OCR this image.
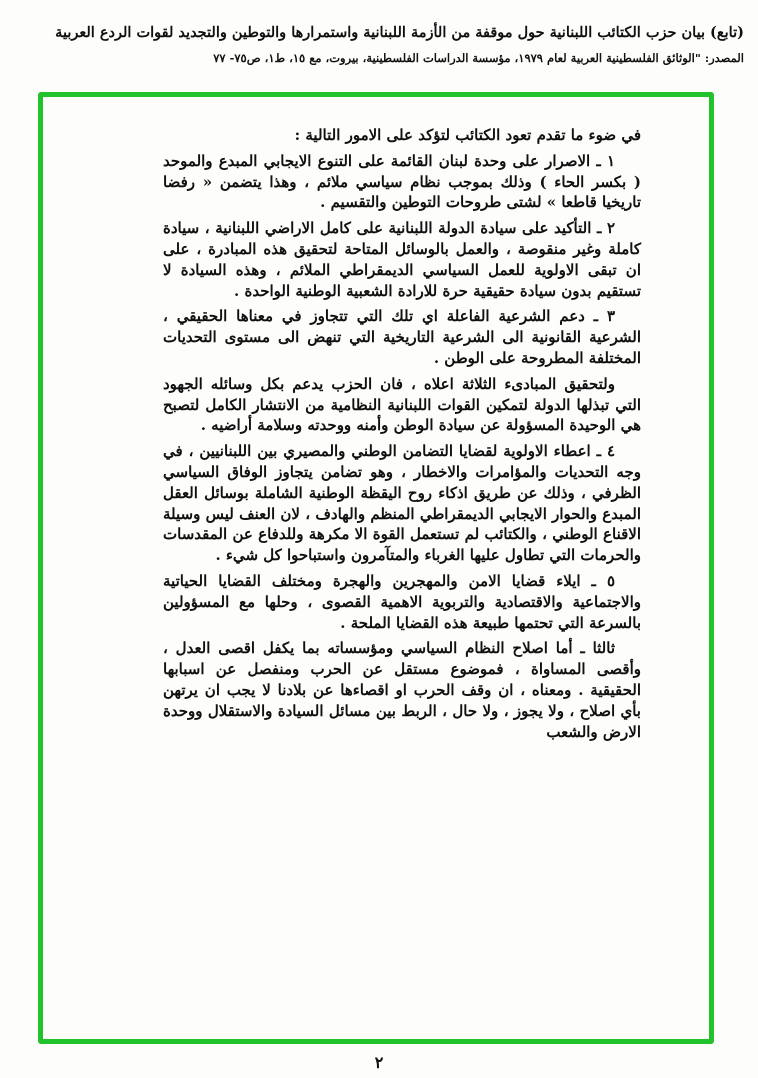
(تابع) بيان حزب الكتائب اللبنانية حول موقفة من الأزمة اللبنانية واستمرارها والتوطين والتجديد لقوات الردع العربية
المصدر: "الوثائق الفلسطينية العربية لعام ١٩٧٩، مؤسسة الدراسات الفلسطينية، بيروت، مع ١٥، ط١، ص٧٥- ٧٧

في ضوء ما تقدم تعود الكتائب لتؤكد على الامور التالية :

١ ـ الاصرار على وحدة لبنان القائمة على التنوع الايجابي المبدع والموحد ( بكسر الحاء ) وذلك بموجب نظام سياسي ملائم ، وهذا يتضمن « رفضا تاريخيا قاطعا » لشتى طروحات التوطين والتقسيم .

٢ ـ التأكيد على سيادة الدولة اللبنانية على كامل الاراضي اللبنانية ، سيادة كاملة وغير منقوصة ، والعمل بالوسائل المتاحة لتحقيق هذه المبادرة ، على ان تبقى الاولوية للعمل السياسي الديمقراطي الملائم ، وهذه السيادة لا تستقيم بدون سيادة حقيقية حرة للارادة الشعبية الوطنية الواحدة .

٣ ـ دعم الشرعية الفاعلة اي تلك التي تتجاوز في معناها الحقيقي ، الشرعية القانونية الى الشرعية التاريخية التي تنهض الى مستوى التحديات المختلفة المطروحة على الوطن .

ولتحقيق المبادىء الثلاثة اعلاه ، فان الحزب يدعم بكل وسائله الجهود التي تبذلها الدولة لتمكين القوات اللبنانية النظامية من الانتشار الكامل لتصبح هي الوحيدة المسؤولة عن سيادة الوطن وأمنه ووحدته وسلامة أراضيه .

٤ ـ اعطاء الاولوية لقضايا التضامن الوطني والمصيري بين اللبنانيين ، في وجه التحديات والمؤامرات والاخطار ، وهو تضامن يتجاوز الوفاق السياسي الظرفي ، وذلك عن طريق اذكاء روح اليقظة الوطنية الشاملة بوسائل العقل المبدع والحوار الايجابي الديمقراطي المنظم والهادف ، لان العنف ليس وسيلة الاقناع الوطني ، والكتائب لم تستعمل القوة الا مكرهة وللدفاع عن المقدسات والحرمات التي تطاول عليها الغرباء والمتآمرون واستباحوا كل شيء .

٥ ـ ايلاء قضايا الامن والمهجرين والهجرة ومختلف القضايا الحياتية والاجتماعية والاقتصادية والتربوية الاهمية القصوى ، وحلها مع المسؤولين بالسرعة التي تحتمها طبيعة هذه القضايا الملحة .

ثالثا ـ أما اصلاح النظام السياسي ومؤسساته بما يكفل اقصى العدل ، وأقصى المساواة ، فموضوع مستقل عن الحرب ومنفصل عن اسبابها الحقيقية . ومعناه ، ان وقف الحرب او اقصاءها عن بلادنا لا يجب ان يرتهن بأي اصلاح ، ولا يجوز ، ولا حال ، الربط بين مسائل السيادة والاستقلال ووحدة الارض والشعب

٢
